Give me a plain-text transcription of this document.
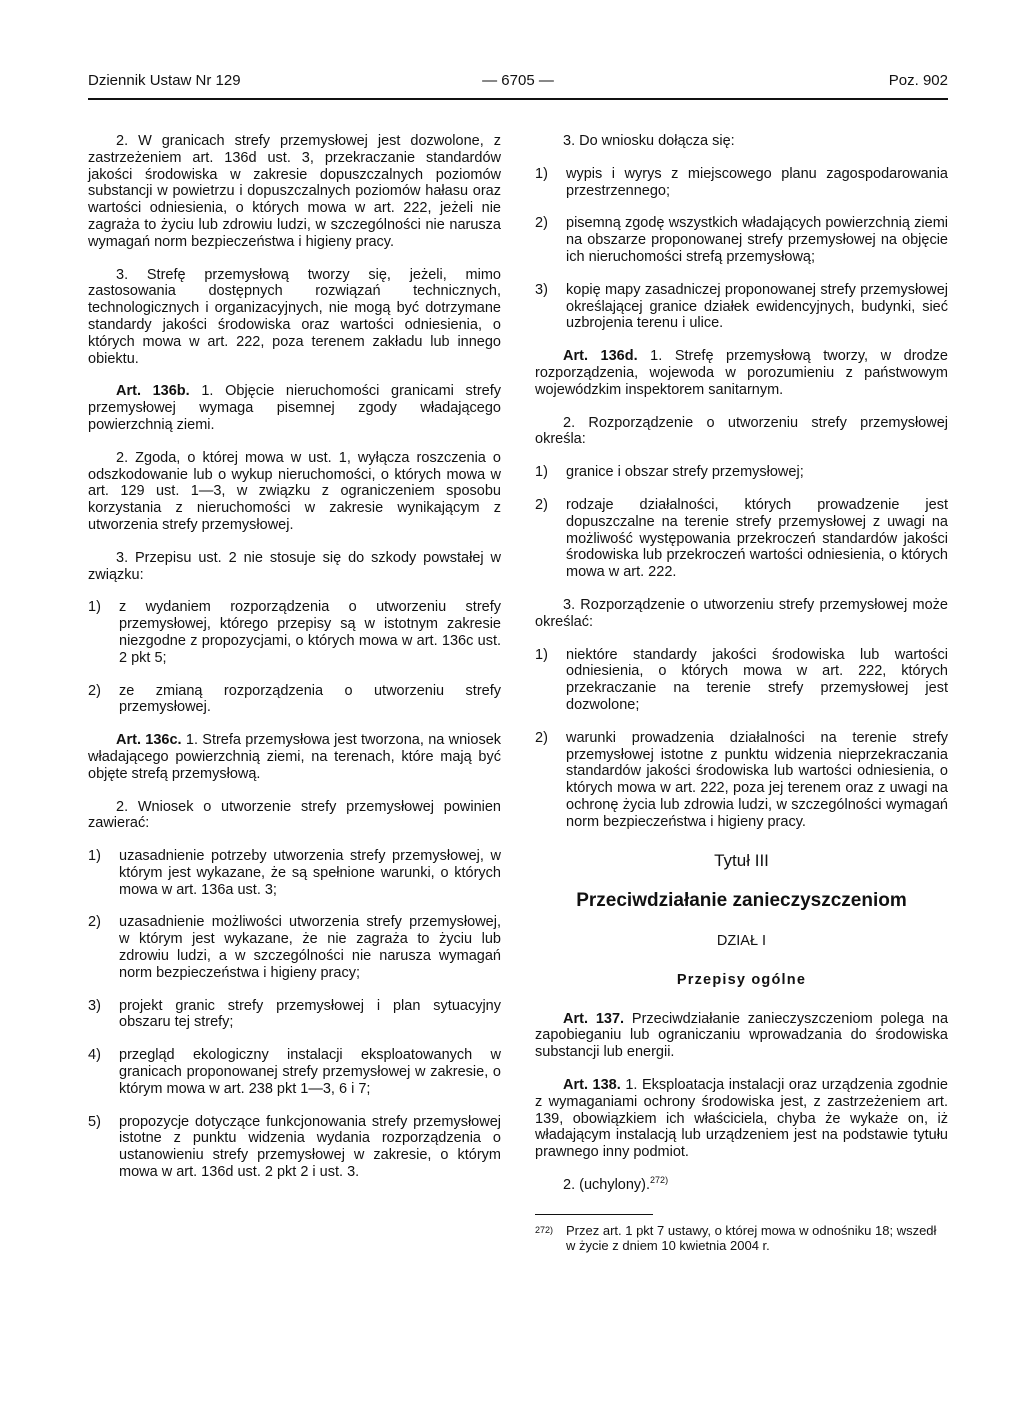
Dziennik Ustaw Nr 129	— 6705 —	Poz. 902

2. W granicach strefy przemysłowej jest dozwolone, z zastrzeżeniem art. 136d ust. 3, przekraczanie standardów jakości środowiska w zakresie dopuszczalnych poziomów substancji w powietrzu i dopuszczalnych poziomów hałasu oraz wartości odniesienia, o których mowa w art. 222, jeżeli nie zagraża to życiu lub zdrowiu ludzi, w szczególności nie narusza wymagań norm bezpieczeństwa i higieny pracy.

3. Strefę przemysłową tworzy się, jeżeli, mimo zastosowania dostępnych rozwiązań technicznych, technologicznych i organizacyjnych, nie mogą być dotrzymane standardy jakości środowiska oraz wartości odniesienia, o których mowa w art. 222, poza terenem zakładu lub innego obiektu.

Art. 136b. 1. Objęcie nieruchomości granicami strefy przemysłowej wymaga pisemnej zgody władającego powierzchnią ziemi.

2. Zgoda, o której mowa w ust. 1, wyłącza roszczenia o odszkodowanie lub o wykup nieruchomości, o których mowa w art. 129 ust. 1—3, w związku z ograniczeniem sposobu korzystania z nieruchomości w zakresie wynikającym z utworzenia strefy przemysłowej.

3. Przepisu ust. 2 nie stosuje się do szkody powstałej w związku:

1)	z wydaniem rozporządzenia o utworzeniu strefy przemysłowej, którego przepisy są w istotnym zakresie niezgodne z propozycjami, o których mowa w art. 136c ust. 2 pkt 5;
2)	ze zmianą rozporządzenia o utworzeniu strefy przemysłowej.

Art. 136c. 1. Strefa przemysłowa jest tworzona, na wniosek władającego powierzchnią ziemi, na terenach, które mają być objęte strefą przemysłową.

2. Wniosek o utworzenie strefy przemysłowej powinien zawierać:

1)	uzasadnienie potrzeby utworzenia strefy przemysłowej, w którym jest wykazane, że są spełnione warunki, o których mowa w art. 136a ust. 3;
2)	uzasadnienie możliwości utworzenia strefy przemysłowej, w którym jest wykazane, że nie zagraża to życiu lub zdrowiu ludzi, a w szczególności nie narusza wymagań norm bezpieczeństwa i higieny pracy;
3)	projekt granic strefy przemysłowej i plan sytuacyjny obszaru tej strefy;
4)	przegląd ekologiczny instalacji eksploatowanych w granicach proponowanej strefy przemysłowej w zakresie, o którym mowa w art. 238 pkt 1—3, 6 i 7;
5)	propozycje dotyczące funkcjonowania strefy przemysłowej istotne z punktu widzenia wydania rozporządzenia o ustanowieniu strefy przemysłowej w zakresie, o którym mowa w art. 136d ust. 2 pkt 2 i ust. 3.

3. Do wniosku dołącza się:

1)	wypis i wyrys z miejscowego planu zagospodarowania przestrzennego;
2)	pisemną zgodę wszystkich władających powierzchnią ziemi na obszarze proponowanej strefy przemysłowej na objęcie ich nieruchomości strefą przemysłową;
3)	kopię mapy zasadniczej proponowanej strefy przemysłowej określającej granice działek ewidencyjnych, budynki, sieć uzbrojenia terenu i ulice.

Art. 136d. 1. Strefę przemysłową tworzy, w drodze rozporządzenia, wojewoda w porozumieniu z państwowym wojewódzkim inspektorem sanitarnym.

2. Rozporządzenie o utworzeniu strefy przemysłowej określa:

1)	granice i obszar strefy przemysłowej;
2)	rodzaje działalności, których prowadzenie jest dopuszczalne na terenie strefy przemysłowej z uwagi na możliwość występowania przekroczeń standardów jakości środowiska lub przekroczeń wartości odniesienia, o których mowa w art. 222.

3. Rozporządzenie o utworzeniu strefy przemysłowej może określać:

1)	niektóre standardy jakości środowiska lub wartości odniesienia, o których mowa w art. 222, których przekraczanie na terenie strefy przemysłowej jest dozwolone;
2)	warunki prowadzenia działalności na terenie strefy przemysłowej istotne z punktu widzenia nieprzekraczania standardów jakości środowiska lub wartości odniesienia, o których mowa w art. 222, poza jej terenem oraz z uwagi na ochronę życia lub zdrowia ludzi, w szczególności wymagań norm bezpieczeństwa i higieny pracy.
Tytuł III
Przeciwdziałanie zanieczyszczeniom
DZIAŁ I
Przepisy ogólne

Art. 137. Przeciwdziałanie zanieczyszczeniom polega na zapobieganiu lub ograniczaniu wprowadzania do środowiska substancji lub energii.

Art. 138. 1. Eksploatacja instalacji oraz urządzenia zgodnie z wymaganiami ochrony środowiska jest, z zastrzeżeniem art. 139, obowiązkiem ich właściciela, chyba że wykaże on, iż władającym instalacją lub urządzeniem jest na podstawie tytułu prawnego inny podmiot.

2. (uchylony).$^{272)}$

272) Przez art. 1 pkt 7 ustawy, o której mowa w odnośniku 18; wszedł w życie z dniem 10 kwietnia 2004 r.
